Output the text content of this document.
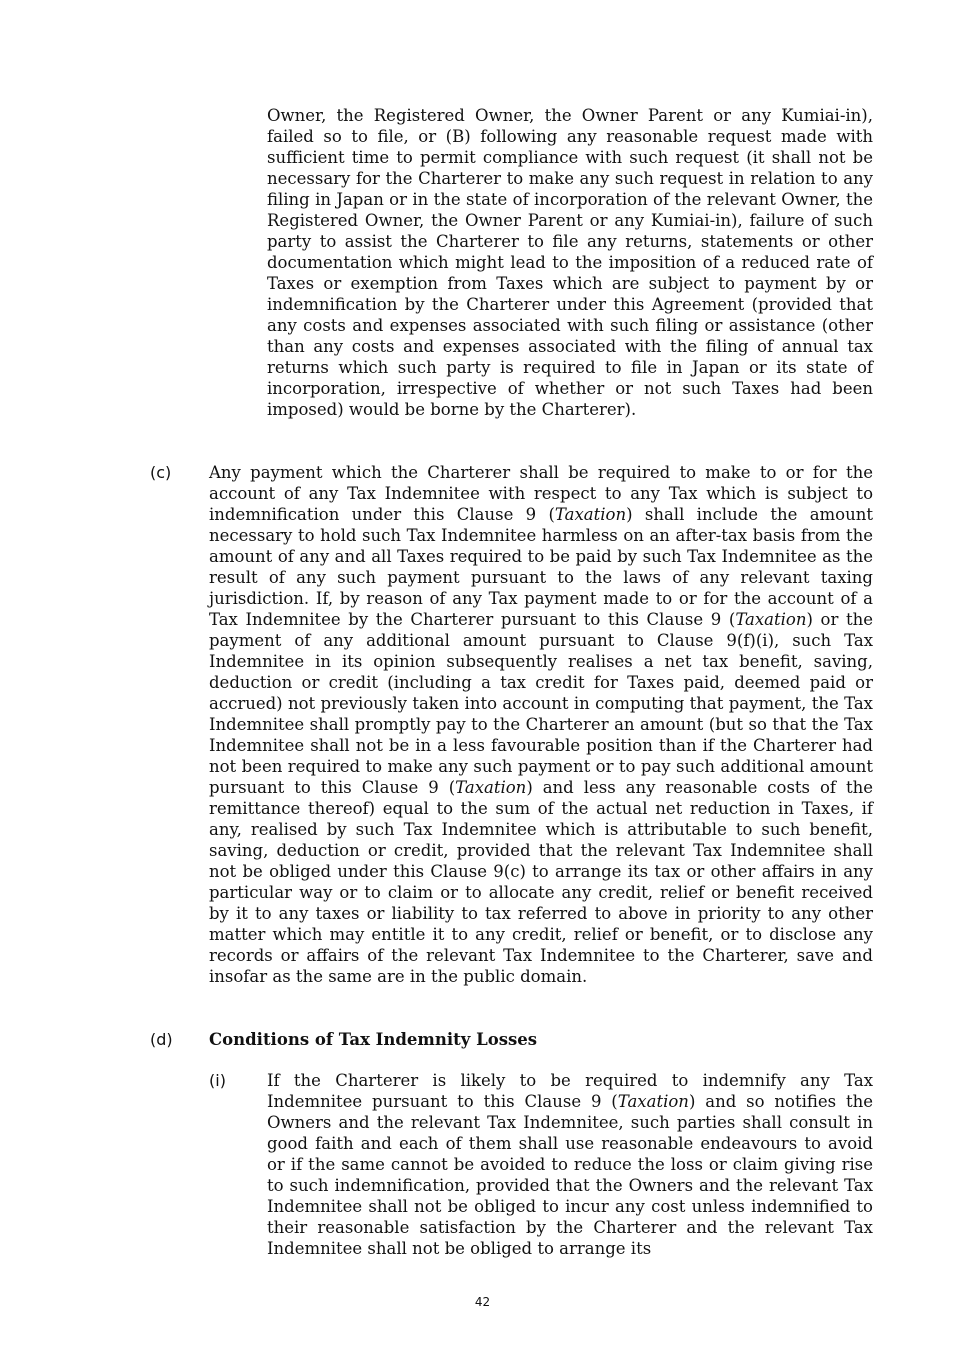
Owner, the Registered Owner, the Owner Parent or any Kumiai-in), failed so to file, or (B) following any reasonable request made with sufficient time to permit compliance with such request (it shall not be necessary for the Charterer to make any such request in relation to any filing in Japan or in the state of incorporation of the relevant Owner, the Registered Owner, the Owner Parent or any Kumiai-in), failure of such party to assist the Charterer to file any returns, statements or other documentation which might lead to the imposition of a reduced rate of Taxes or exemption from Taxes which are subject to payment by or indemnification by the Charterer under this Agreement (provided that any costs and expenses associated with such filing or assistance (other than any costs and expenses associated with the filing of annual tax returns which such party is required to file in Japan or its state of incorporation, irrespective of whether or not such Taxes had been imposed) would be borne by the Charterer).

(c) Any payment which the Charterer shall be required to make to or for the account of any Tax Indemnitee with respect to any Tax which is subject to indemnification under this Clause 9 (Taxation) shall include the amount necessary to hold such Tax Indemnitee harmless on an after-tax basis from the amount of any and all Taxes required to be paid by such Tax Indemnitee as the result of any such payment pursuant to the laws of any relevant taxing jurisdiction. If, by reason of any Tax payment made to or for the account of a Tax Indemnitee by the Charterer pursuant to this Clause 9 (Taxation) or the payment of any additional amount pursuant to Clause 9(f)(i), such Tax Indemnitee in its opinion subsequently realises a net tax benefit, saving, deduction or credit (including a tax credit for Taxes paid, deemed paid or accrued) not previously taken into account in computing that payment, the Tax Indemnitee shall promptly pay to the Charterer an amount (but so that the Tax Indemnitee shall not be in a less favourable position than if the Charterer had not been required to make any such payment or to pay such additional amount pursuant to this Clause 9 (Taxation) and less any reasonable costs of the remittance thereof) equal to the sum of the actual net reduction in Taxes, if any, realised by such Tax Indemnitee which is attributable to such benefit, saving, deduction or credit, provided that the relevant Tax Indemnitee shall not be obliged under this Clause 9(c) to arrange its tax or other affairs in any particular way or to claim or to allocate any credit, relief or benefit received by it to any taxes or liability to tax referred to above in priority to any other matter which may entitle it to any credit, relief or benefit, or to disclose any records or affairs of the relevant Tax Indemnitee to the Charterer, save and insofar as the same are in the public domain.

(d) Conditions of Tax Indemnity Losses
(i) If the Charterer is likely to be required to indemnify any Tax Indemnitee pursuant to this Clause 9 (Taxation) and so notifies the Owners and the relevant Tax Indemnitee, such parties shall consult in good faith and each of them shall use reasonable endeavours to avoid or if the same cannot be avoided to reduce the loss or claim giving rise to such indemnification, provided that the Owners and the relevant Tax Indemnitee shall not be obliged to incur any cost unless indemnified to their reasonable satisfaction by the Charterer and the relevant Tax Indemnitee shall not be obliged to arrange its

42
